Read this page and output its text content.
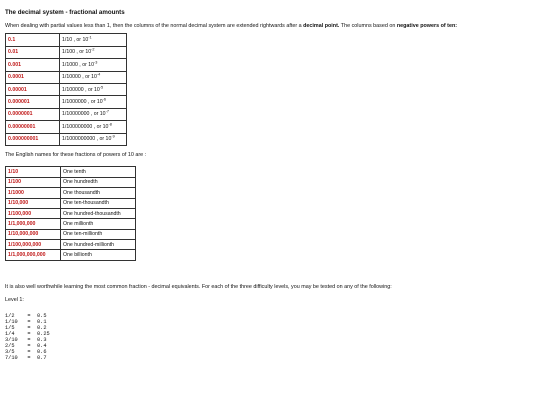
The decimal system - fractional amounts

When dealing with partial values less than 1, then the columns of the normal decimal system are extended rightwards after a decimal point. The columns based on negative powers of ten:

0.1	1/10 , or $10^{-1}$
0.01	1/100 , or $10^{-2}$
0.001	1/1000 , or $10^{-3}$
0.0001	1/10000 , or $10^{-4}$
0.00001	1/100000 , or $10^{-5}$
0.000001	1/1000000 , or $10^{-6}$
0.0000001	1/10000000 , or $10^{-7}$
0.00000001	1/100000000 , or $10^{-8}$
0.000000001	1/1000000000 , or $10^{-9}$

The English names for these fractions of powers of 10 are :

1/10	One tenth
1/100	One hundredth
1/1000	One thousandth
1/10,000	One ten-thousandth
1/100,000	One hundred-thousandth
1/1,000,000	One millionth
1/10,000,000	One ten-millionth
1/100,000,000	One hundred-millionth
1/1,000,000,000	One billionth

It is also well worthwhile learning the most common fraction - decimal equivalents. For each of the three difficulty levels, you may be tested on any of the following:

Level 1:

1/2 = 0.5
1/10 = 0.1
1/5 = 0.2
1/4 = 0.25
3/10 = 0.3
2/5 = 0.4
3/5 = 0.6
7/10 = 0.7
